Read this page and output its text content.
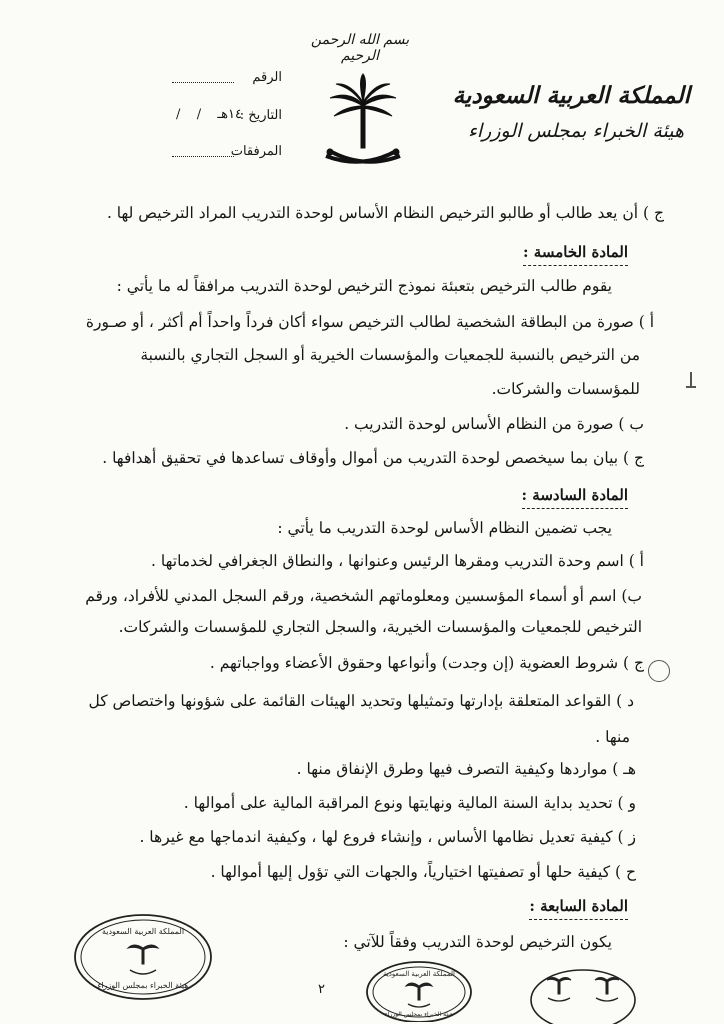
بسم الله الرحمن الرحيم
المملكة العربية السعودية
هيئة الخبراء بمجلس الوزراء
الرقم
التاريخ :
١٤هـ
/
/
المرفقات
ج ) أن يعد طالب أو طالبو الترخيص النظام الأساس لوحدة التدريب المراد الترخيص لها .
المادة الخامسة :
يقوم طالب الترخيص بتعبئة نموذج الترخيص لوحدة التدريب مرافقاً له ما يأتي :
أ ) صورة من البطاقة الشخصية لطالب الترخيص سواء أكان فرداً واحداً أم أكثر ، أو صـورة
من الترخيص بالنسبة للجمعيات والمؤسسات الخيرية أو السجل التجاري بالنسبة
للمؤسسات والشركات.
ب ) صورة من النظام الأساس لوحدة التدريب .
ج ) بيان بما سيخصص لوحدة التدريب من أموال وأوقاف تساعدها في تحقيق أهدافها .
المادة السادسة :
يجب تضمين النظام الأساس لوحدة التدريب ما يأتي :
أ ) اسم وحدة التدريب ومقرها الرئيس وعنوانها ، والنطاق الجغرافي لخدماتها .
ب) اسم أو أسماء المؤسسين ومعلوماتهم الشخصية، ورقم السجل المدني للأفراد، ورقم
الترخيص للجمعيات والمؤسسات الخيرية، والسجل التجاري للمؤسسات والشركات.
ج ) شروط العضوية (إن وجدت) وأنواعها وحقوق الأعضاء وواجباتهم .
د ) القواعد المتعلقة بإدارتها وتمثيلها وتحديد الهيئات القائمة على شؤونها واختصاص كل
منها .
هـ ) مواردها وكيفية التصرف فيها وطرق الإنفاق منها .
و ) تحديد بداية السنة المالية ونهايتها ونوع المراقبة المالية على أموالها .
ز ) كيفية تعديل نظامها الأساس ، وإنشاء فروع لها ، وكيفية اندماجها مع غيرها .
ح ) كيفية حلها أو تصفيتها اختيارياً، والجهات التي تؤول إليها أموالها .
المادة السابعة :
يكون الترخيص لوحدة التدريب وفقاً للآتي :
٢
المملكة العربية السعودية
هيئة الخبراء بمجلس الوزراء
المملكة العربية السعودية
هيئة الخبراء بمجلس الوزراء
